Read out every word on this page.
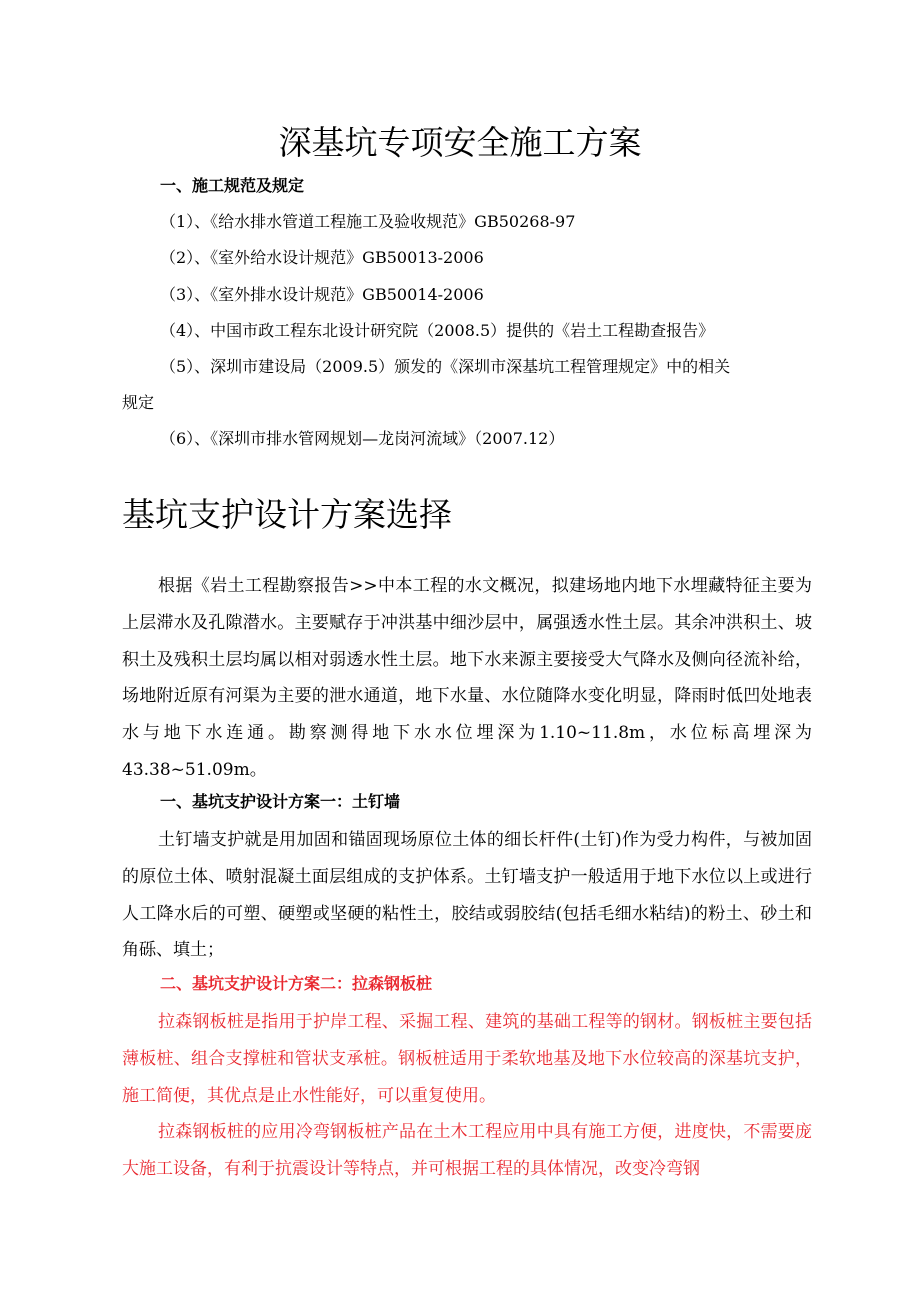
深基坑专项安全施工方案

一、施工规范及规定

（1）、《给水排水管道工程施工及验收规范》GB50268-97

（2）、《室外给水设计规范》GB50013-2006

（3）、《室外排水设计规范》GB50014-2006

（4）、中国市政工程东北设计研究院（2008.5）提供的《岩土工程勘查报告》

（5）、深圳市建设局（2009.5）颁发的《深圳市深基坑工程管理规定》中的相关

规定

（6）、《深圳市排水管网规划—龙岗河流域》（2007.12）

基坑支护设计方案选择

根据《岩土工程勘察报告>>中本工程的水文概况，拟建场地内地下水埋藏特征主要为上层滞水及孔隙潜水。主要赋存于冲洪基中细沙层中，属强透水性土层。其余冲洪积土、坡积土及残积土层均属以相对弱透水性土层。地下水来源主要接受大气降水及侧向径流补给，场地附近原有河渠为主要的泄水通道，地下水量、水位随降水变化明显，降雨时低凹处地表水与地下水连通。勘察测得地下水水位埋深为1.10~11.8m，水位标高埋深为43.38~51.09m。

一、基坑支护设计方案一：土钉墙

土钉墙支护就是用加固和锚固现场原位土体的细长杆件(土钉)作为受力构件，与被加固的原位土体、喷射混凝土面层组成的支护体系。土钉墙支护一般适用于地下水位以上或进行人工降水后的可塑、硬塑或坚硬的粘性土，胶结或弱胶结(包括毛细水粘结)的粉土、砂土和角砾、填土；

二、基坑支护设计方案二：拉森钢板桩

拉森钢板桩是指用于护岸工程、采掘工程、建筑的基础工程等的钢材。钢板桩主要包括薄板桩、组合支撑桩和管状支承桩。钢板桩适用于柔软地基及地下水位较高的深基坑支护，施工简便，其优点是止水性能好，可以重复使用。

拉森钢板桩的应用冷弯钢板桩产品在土木工程应用中具有施工方便，进度快，不需要庞大施工设备，有利于抗震设计等特点，并可根据工程的具体情况，改变冷弯钢
